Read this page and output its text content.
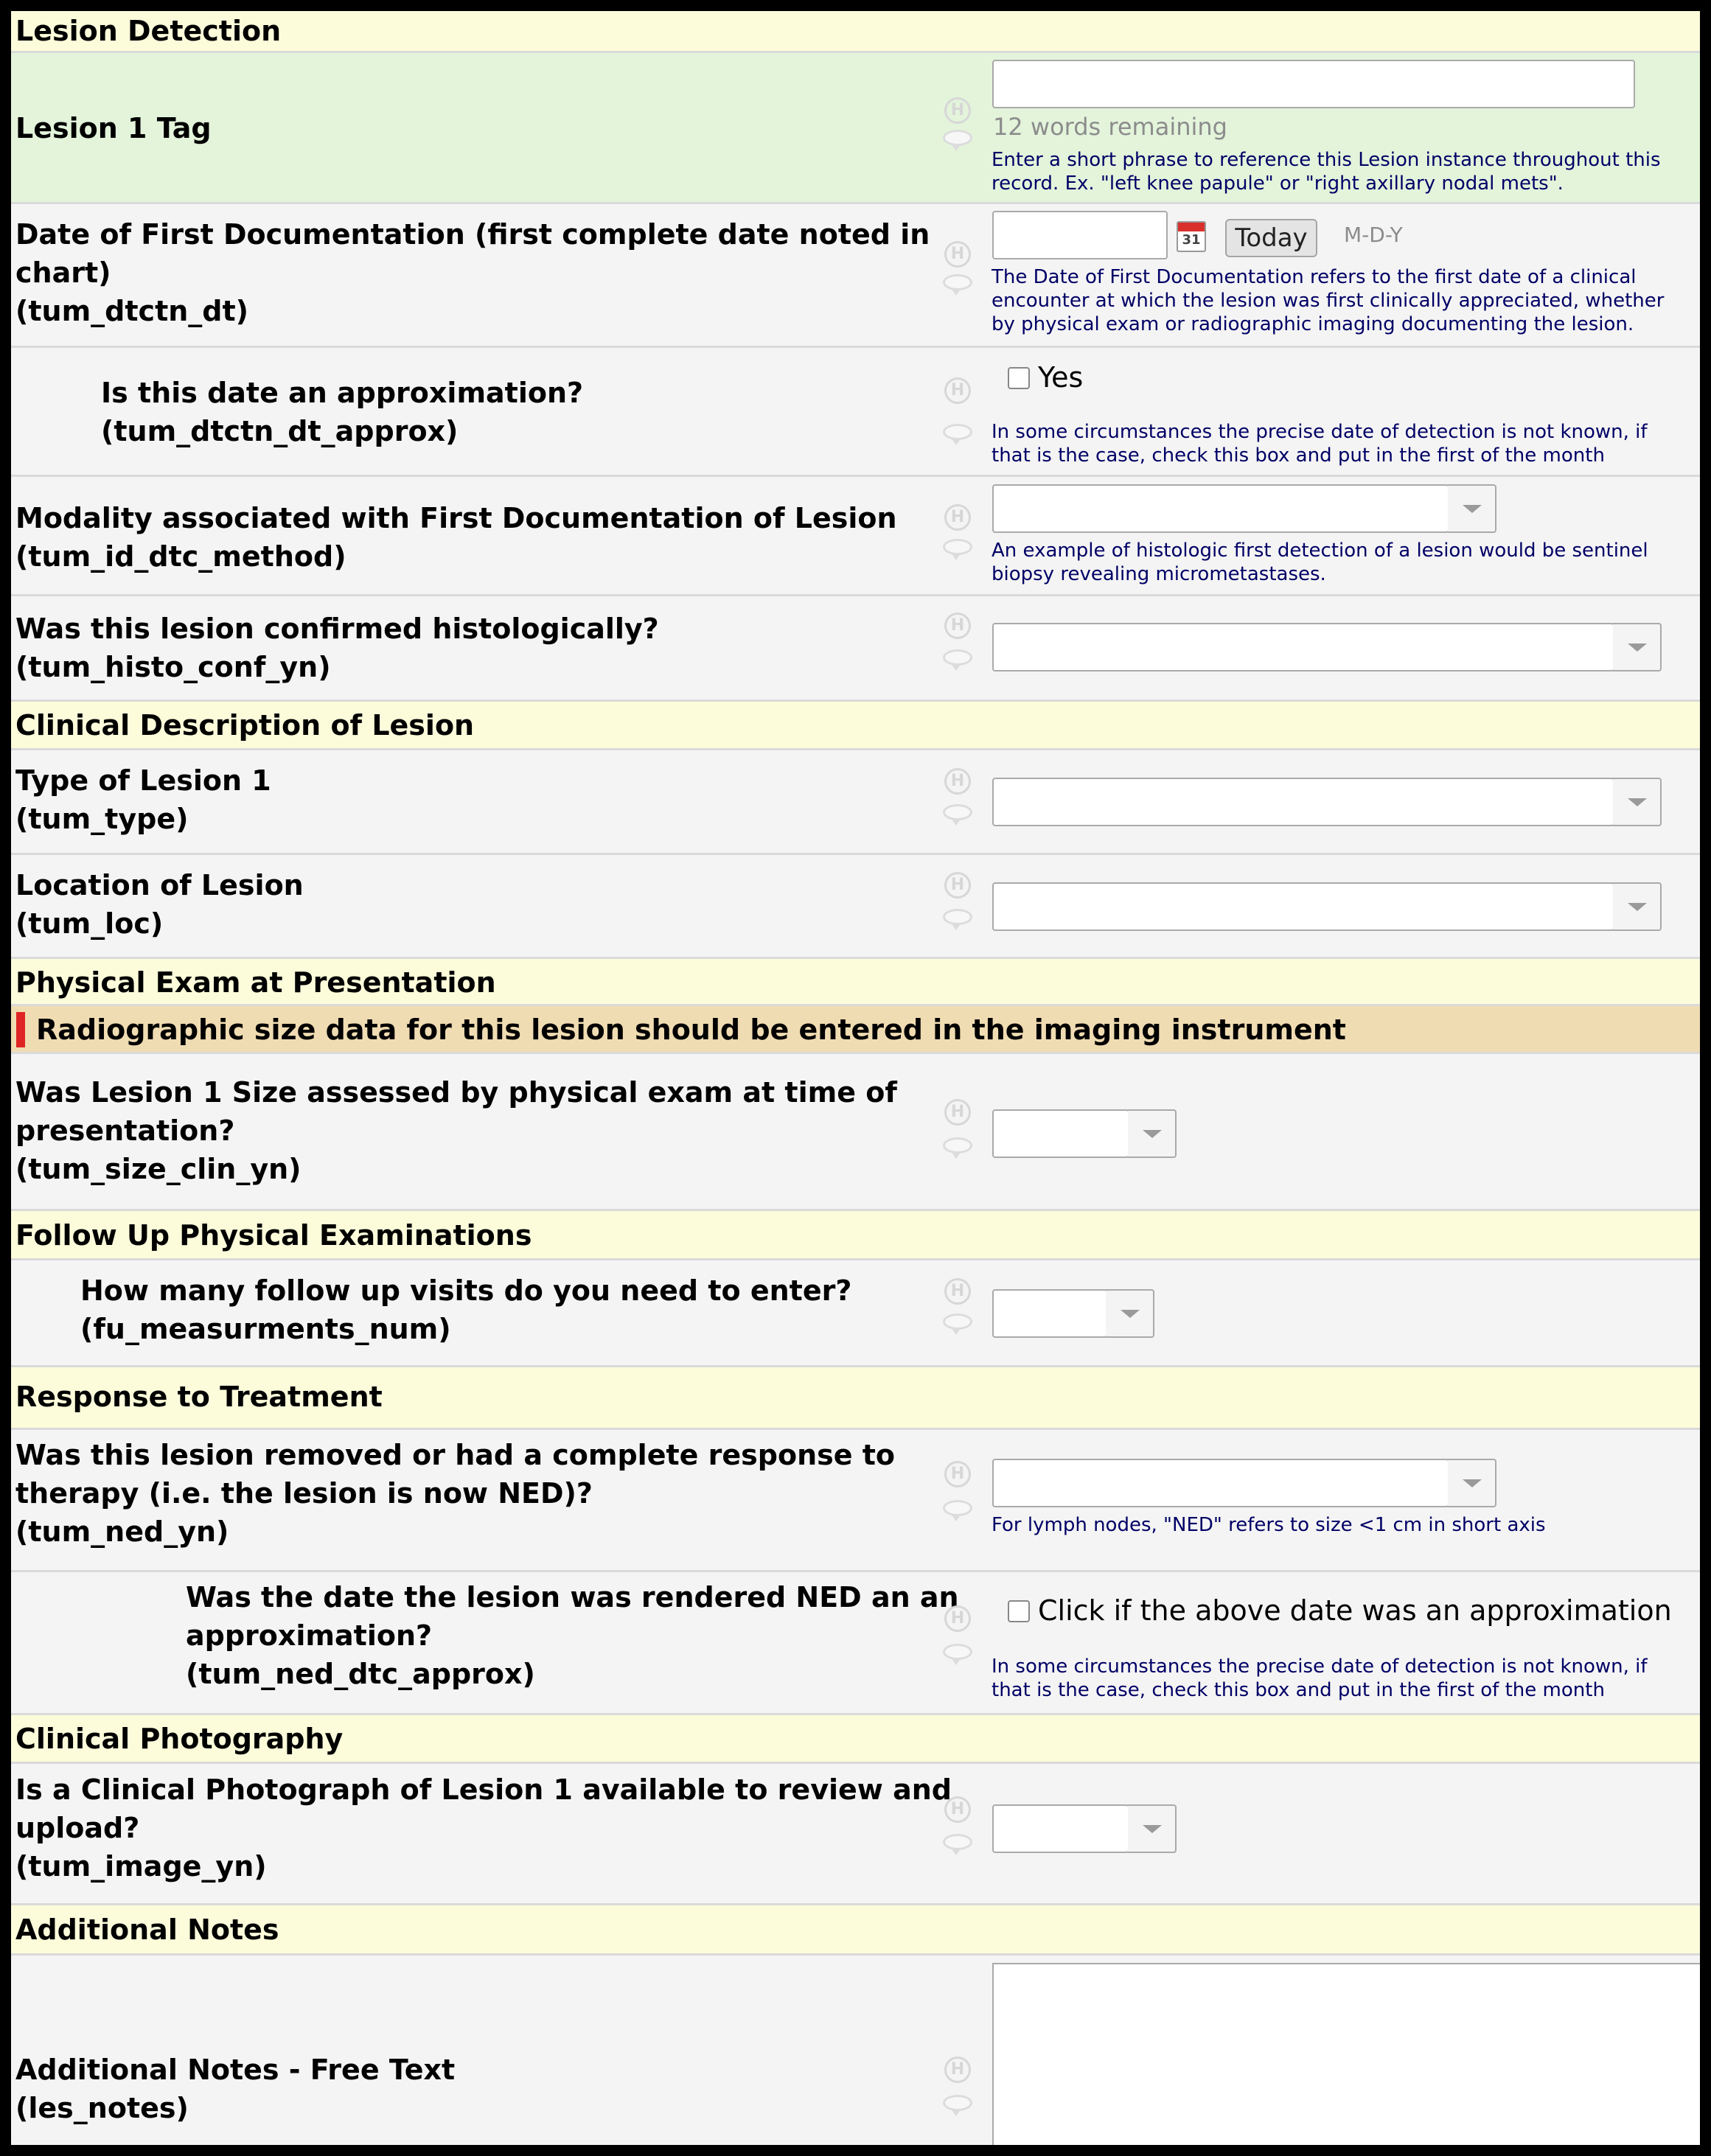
Lesion Detection
Lesion 1 Tag
H
12 words remaining
Enter a short phrase to reference this Lesion instance throughout this
record. Ex. "left knee papule" or "right axillary nodal mets".
Date of First Documentation (first complete date noted in
chart)
(tum_dtctn_dt)
H
31	Today	M-D-Y
The Date of First Documentation refers to the first date of a clinical
encounter at which the lesion was first clinically appreciated, whether
by physical exam or radiographic imaging documenting the lesion.
Is this date an approximation?
(tum_dtctn_dt_approx)
H	Yes
In some circumstances the precise date of detection is not known, if
that is the case, check this box and put in the first of the month
Modality associated with First Documentation of Lesion
(tum_id_dtc_method)
H
An example of histologic first detection of a lesion would be sentinel
biopsy revealing micrometastases.
Was this lesion confirmed histologically?
(tum_histo_conf_yn)
H
Clinical Description of Lesion
Type of Lesion 1
(tum_type)
H
Location of Lesion
(tum_loc)
H
Physical Exam at Presentation
Radiographic size data for this lesion should be entered in the imaging instrument
Was Lesion 1 Size assessed by physical exam at time of
presentation?
(tum_size_clin_yn)
H
Follow Up Physical Examinations
How many follow up visits do you need to enter?
(fu_measurments_num)
H
Response to Treatment
Was this lesion removed or had a complete response to
therapy (i.e. the lesion is now NED)?
(tum_ned_yn)
H
For lymph nodes, "NED" refers to size <1 cm in short axis
Was the date the lesion was rendered NED an an
approximation?
(tum_ned_dtc_approx)
H	Click if the above date was an approximation
In some circumstances the precise date of detection is not known, if
that is the case, check this box and put in the first of the month
Clinical Photography
Is a Clinical Photograph of Lesion 1 available to review and
upload?
(tum_image_yn)
H
Additional Notes
Additional Notes - Free Text
(les_notes)
H
